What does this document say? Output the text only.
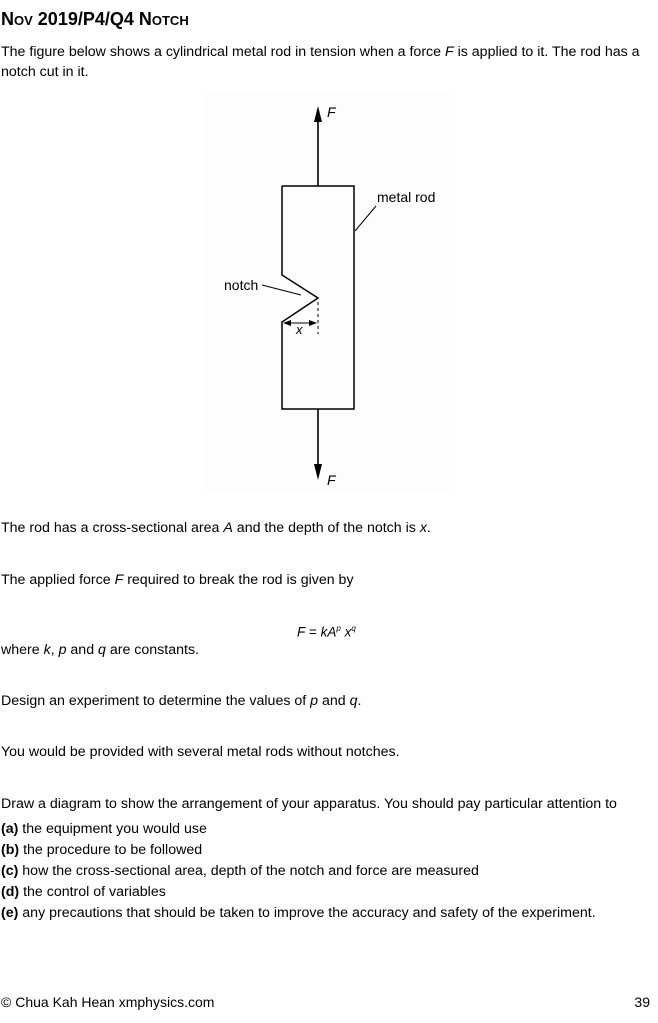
Nov 2019/P4/Q4 Notch
The figure below shows a cylindrical metal rod in tension when a force F is applied to it. The rod has a notch cut in it.
F
metal rod
notch
x
F
The rod has a cross-sectional area A and the depth of the notch is x.
The applied force F required to break the rod is given by
$F = kA^p$ $x^q$
where k, p and q are constants.
Design an experiment to determine the values of p and q.
You would be provided with several metal rods without notches.
Draw a diagram to show the arrangement of your apparatus. You should pay particular attention to
(a) the equipment you would use
(b) the procedure to be followed
(c) how the cross-sectional area, depth of the notch and force are measured
(d) the control of variables
(e) any precautions that should be taken to improve the accuracy and safety of the experiment.
© Chua Kah Hean xmphysics.com	39
